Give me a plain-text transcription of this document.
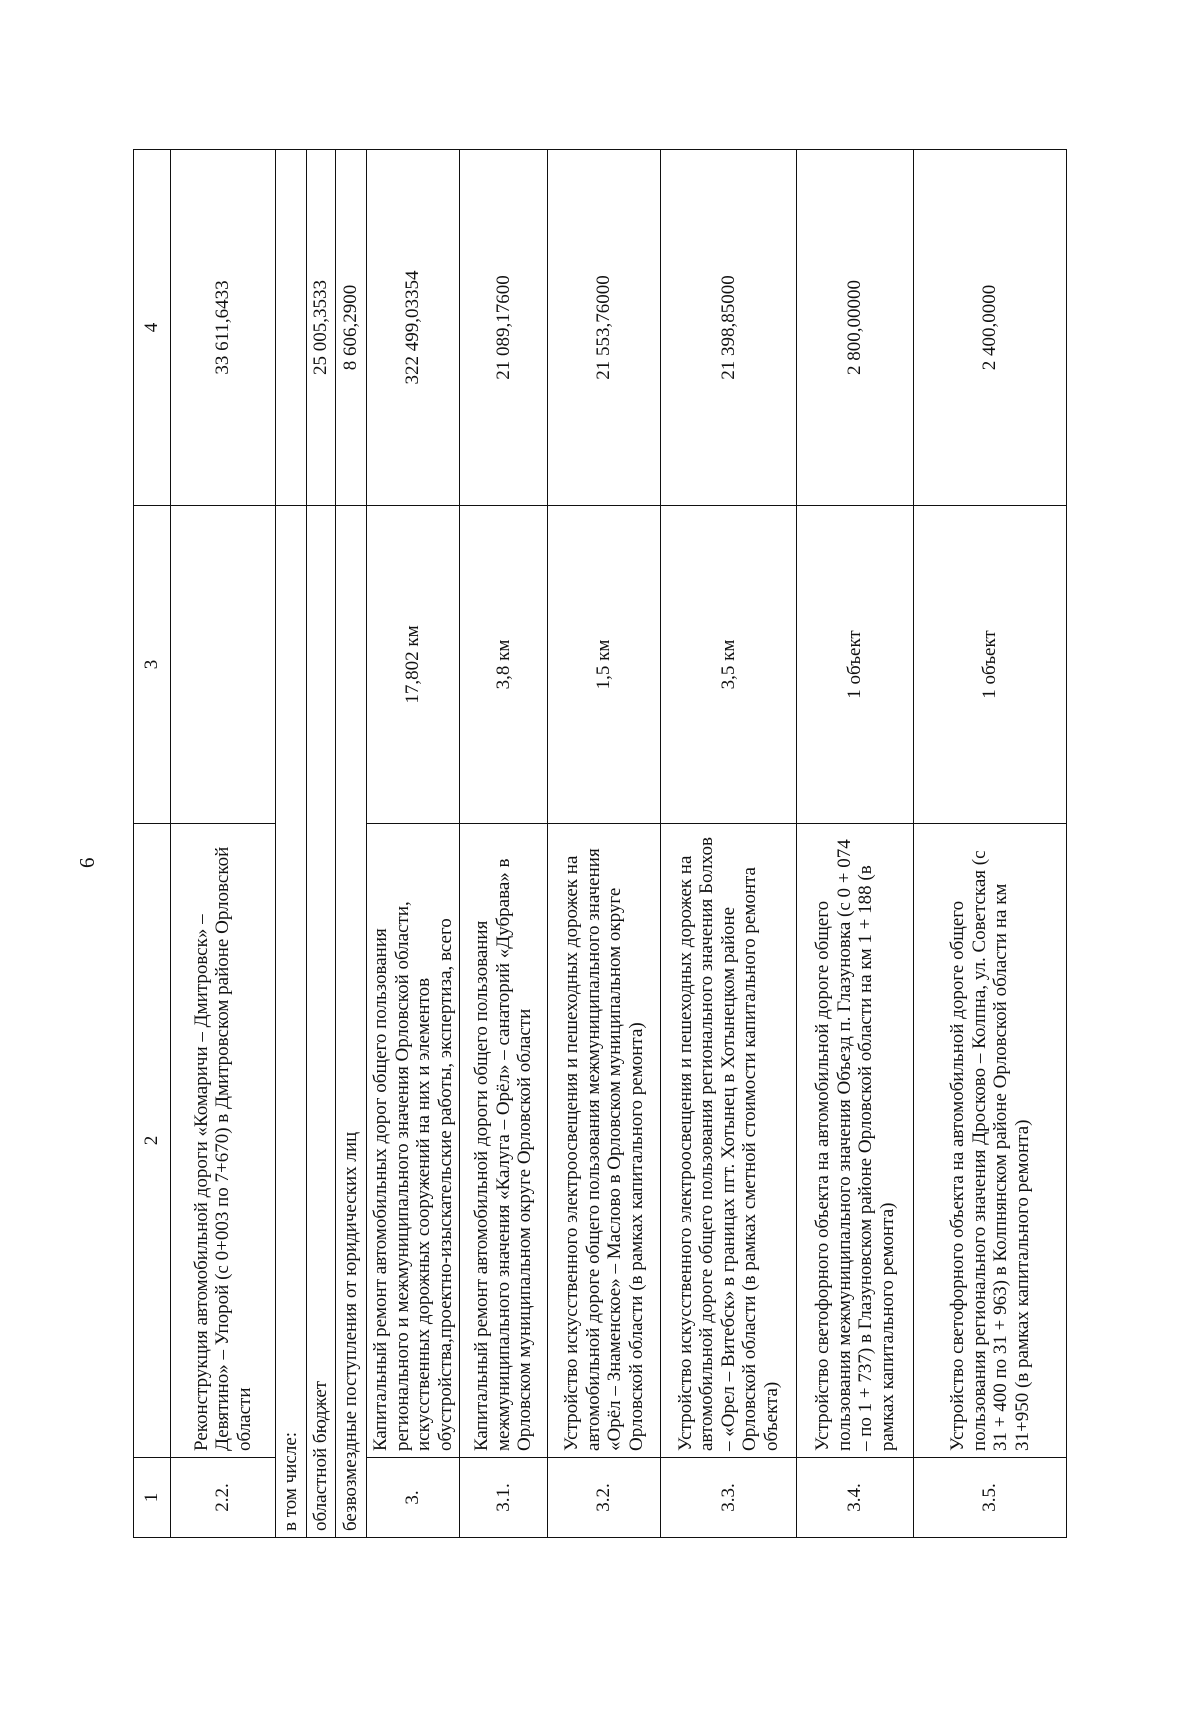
6
1	2	3	4
2.2.	Реконструкция автомобильной дороги «Комаричи – Дмитровск» – Девятино» – Упорой (с 0+003 по 7+670) в Дмитровском районе Орловской области		33 611,6433
в том числе:			
областной бюджет			25 005,3533
безвозмездные поступления от юридических лиц			8 606,2900
3.	Капитальный ремонт автомобильных дорог общего пользования регионального и межмуниципального значения Орловской области, искусственных дорожных сооружений на них и элементов обустройства,проектно-изыскательские работы, экспертиза, всего	17,802 км	322 499,03354
3.1.	Капитальный ремонт автомобильной дороги общего пользования межмуниципального значения «Калуга – Орёл» – санаторий «Дубрава» в Орловском муниципальном округе Орловской области	3,8 км	21 089,17600
3.2.	Устройство искусственного электроосвещения и пешеходных дорожек на автомобильной дороге общего пользования межмуниципального значения «Орёл – Знаменское» – Маслово в Орловском муниципальном округе Орловской области (в рамках капитального ремонта)	1,5 км	21 553,76000
3.3.	Устройство искусственного электроосвещения и пешеходных дорожек на автомобильной дороге общего пользования регионального значения Болхов – «Орел – Витебск» в границах пгт. Хотынец в Хотынецком районе Орловской области (в рамках сметной стоимости капитального ремонта объекта)	3,5 км	21 398,85000
3.4.	Устройство светофорного объекта на автомобильной дороге общего пользования межмуниципального значения Объезд п. Глазуновка (с 0 + 074 – по 1 + 737) в Глазуновском районе Орловской области на км 1 + 188 (в рамках капитального ремонта)	1 объект	2 800,00000
3.5.	Устройство светофорного объекта на автомобильной дороге общего пользования регионального значения Дросково – Колпна, ул. Советская (с 31 + 400 по 31 + 963) в Колпнянском районе Орловской области на км 31+950 (в рамках капитального ремонта)	1 объект	2 400,0000
